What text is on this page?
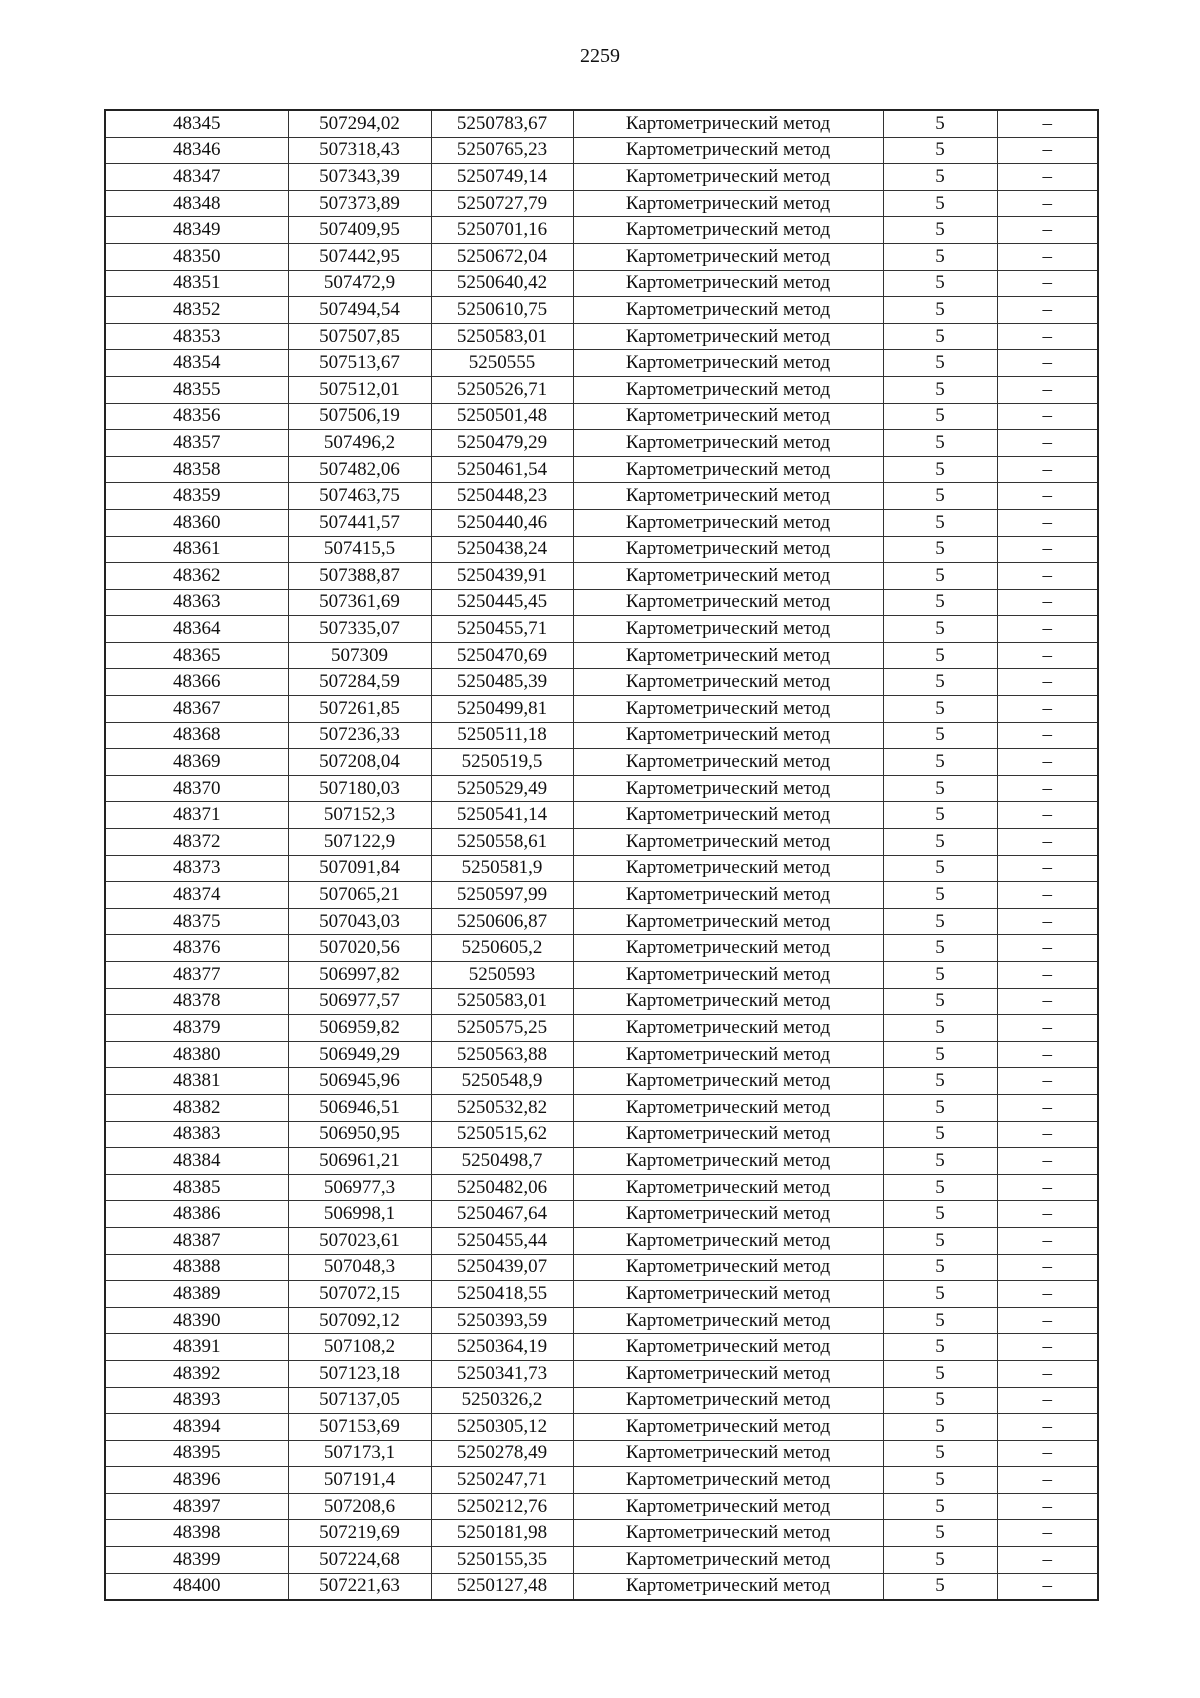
2259
48345	507294,02	5250783,67	Картометрический метод	5	–
48346	507318,43	5250765,23	Картометрический метод	5	–
48347	507343,39	5250749,14	Картометрический метод	5	–
48348	507373,89	5250727,79	Картометрический метод	5	–
48349	507409,95	5250701,16	Картометрический метод	5	–
48350	507442,95	5250672,04	Картометрический метод	5	–
48351	507472,9	5250640,42	Картометрический метод	5	–
48352	507494,54	5250610,75	Картометрический метод	5	–
48353	507507,85	5250583,01	Картометрический метод	5	–
48354	507513,67	5250555	Картометрический метод	5	–
48355	507512,01	5250526,71	Картометрический метод	5	–
48356	507506,19	5250501,48	Картометрический метод	5	–
48357	507496,2	5250479,29	Картометрический метод	5	–
48358	507482,06	5250461,54	Картометрический метод	5	–
48359	507463,75	5250448,23	Картометрический метод	5	–
48360	507441,57	5250440,46	Картометрический метод	5	–
48361	507415,5	5250438,24	Картометрический метод	5	–
48362	507388,87	5250439,91	Картометрический метод	5	–
48363	507361,69	5250445,45	Картометрический метод	5	–
48364	507335,07	5250455,71	Картометрический метод	5	–
48365	507309	5250470,69	Картометрический метод	5	–
48366	507284,59	5250485,39	Картометрический метод	5	–
48367	507261,85	5250499,81	Картометрический метод	5	–
48368	507236,33	5250511,18	Картометрический метод	5	–
48369	507208,04	5250519,5	Картометрический метод	5	–
48370	507180,03	5250529,49	Картометрический метод	5	–
48371	507152,3	5250541,14	Картометрический метод	5	–
48372	507122,9	5250558,61	Картометрический метод	5	–
48373	507091,84	5250581,9	Картометрический метод	5	–
48374	507065,21	5250597,99	Картометрический метод	5	–
48375	507043,03	5250606,87	Картометрический метод	5	–
48376	507020,56	5250605,2	Картометрический метод	5	–
48377	506997,82	5250593	Картометрический метод	5	–
48378	506977,57	5250583,01	Картометрический метод	5	–
48379	506959,82	5250575,25	Картометрический метод	5	–
48380	506949,29	5250563,88	Картометрический метод	5	–
48381	506945,96	5250548,9	Картометрический метод	5	–
48382	506946,51	5250532,82	Картометрический метод	5	–
48383	506950,95	5250515,62	Картометрический метод	5	–
48384	506961,21	5250498,7	Картометрический метод	5	–
48385	506977,3	5250482,06	Картометрический метод	5	–
48386	506998,1	5250467,64	Картометрический метод	5	–
48387	507023,61	5250455,44	Картометрический метод	5	–
48388	507048,3	5250439,07	Картометрический метод	5	–
48389	507072,15	5250418,55	Картометрический метод	5	–
48390	507092,12	5250393,59	Картометрический метод	5	–
48391	507108,2	5250364,19	Картометрический метод	5	–
48392	507123,18	5250341,73	Картометрический метод	5	–
48393	507137,05	5250326,2	Картометрический метод	5	–
48394	507153,69	5250305,12	Картометрический метод	5	–
48395	507173,1	5250278,49	Картометрический метод	5	–
48396	507191,4	5250247,71	Картометрический метод	5	–
48397	507208,6	5250212,76	Картометрический метод	5	–
48398	507219,69	5250181,98	Картометрический метод	5	–
48399	507224,68	5250155,35	Картометрический метод	5	–
48400	507221,63	5250127,48	Картометрический метод	5	–
